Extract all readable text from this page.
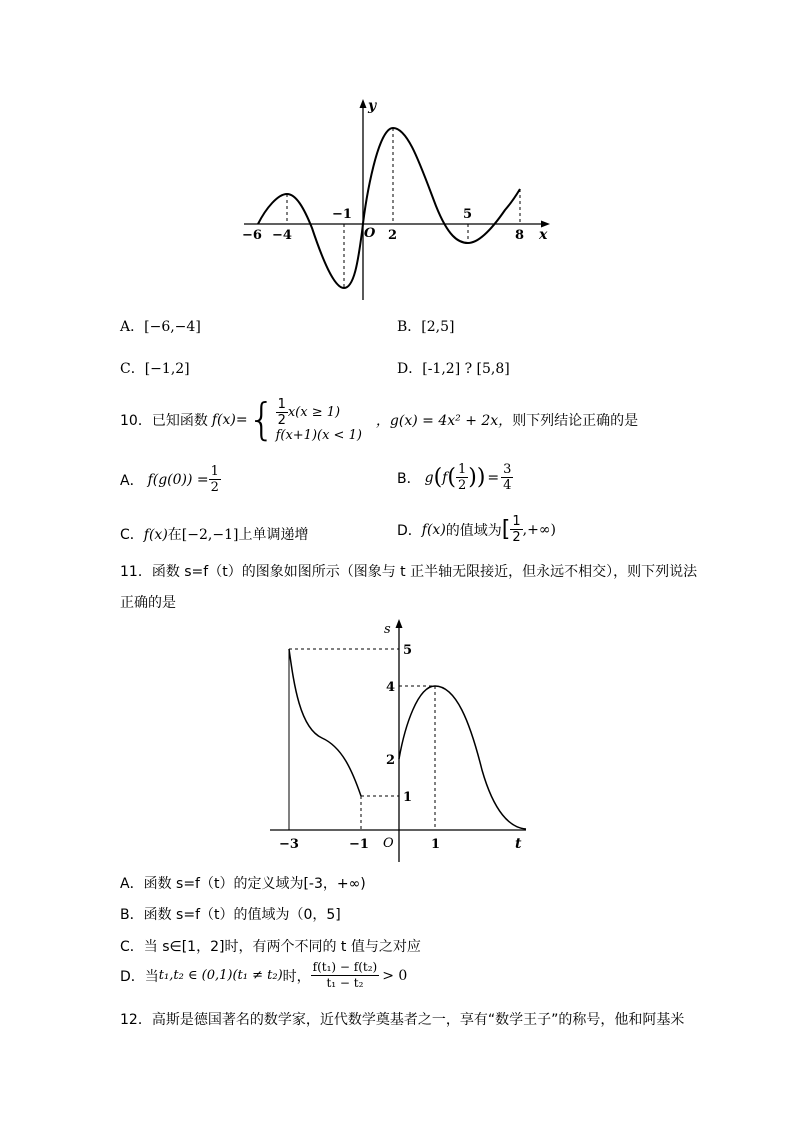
y
x
O
−6 −4
−1
2
5
8
A．[−6,−4]	B．[2,5]
C．[−1,2]	D．[-1,2] ? [5,8]
10． 已知函数 f(x)= { $\frac{1}{2} x(x \ge 1)$
f(x+1)(x < 1)
，g(x) = 4x² + 2x， 则下列结论正确的是
A． $f(g(0)) = \frac{1}{2}$	B． g ( f ( $\frac{1}{2}$ ) ) = $\frac{3}{4}$
C．f(x)在[−2,−1]上单调递增	D． f(x) 的值域为 [ $\frac{1}{2}$ ,+∞)
11．函数 s=f（t）的图象如图所示（图象与 t 正半轴无限接近，但永远不相交），则下列说法
正确的是
s
t
O
5
4
2
1
−3	−1	1
A．函数 s=f（t）的定义域为[-3，+∞)
B．函数 s=f（t）的值域为（0，5]
C．当 s∈[1，2]时，有两个不同的 t 值与之对应
D．当 t₁,t₂ ∈ (0,1)(t₁ ≠ t₂) 时， $\frac{\text{f(t₁) − f(t₂)}}{\text{t₁ − t₂}} > 0$
12．高斯是德国著名的数学家，近代数学奠基者之一，享有“数学王子”的称号，他和阿基米
